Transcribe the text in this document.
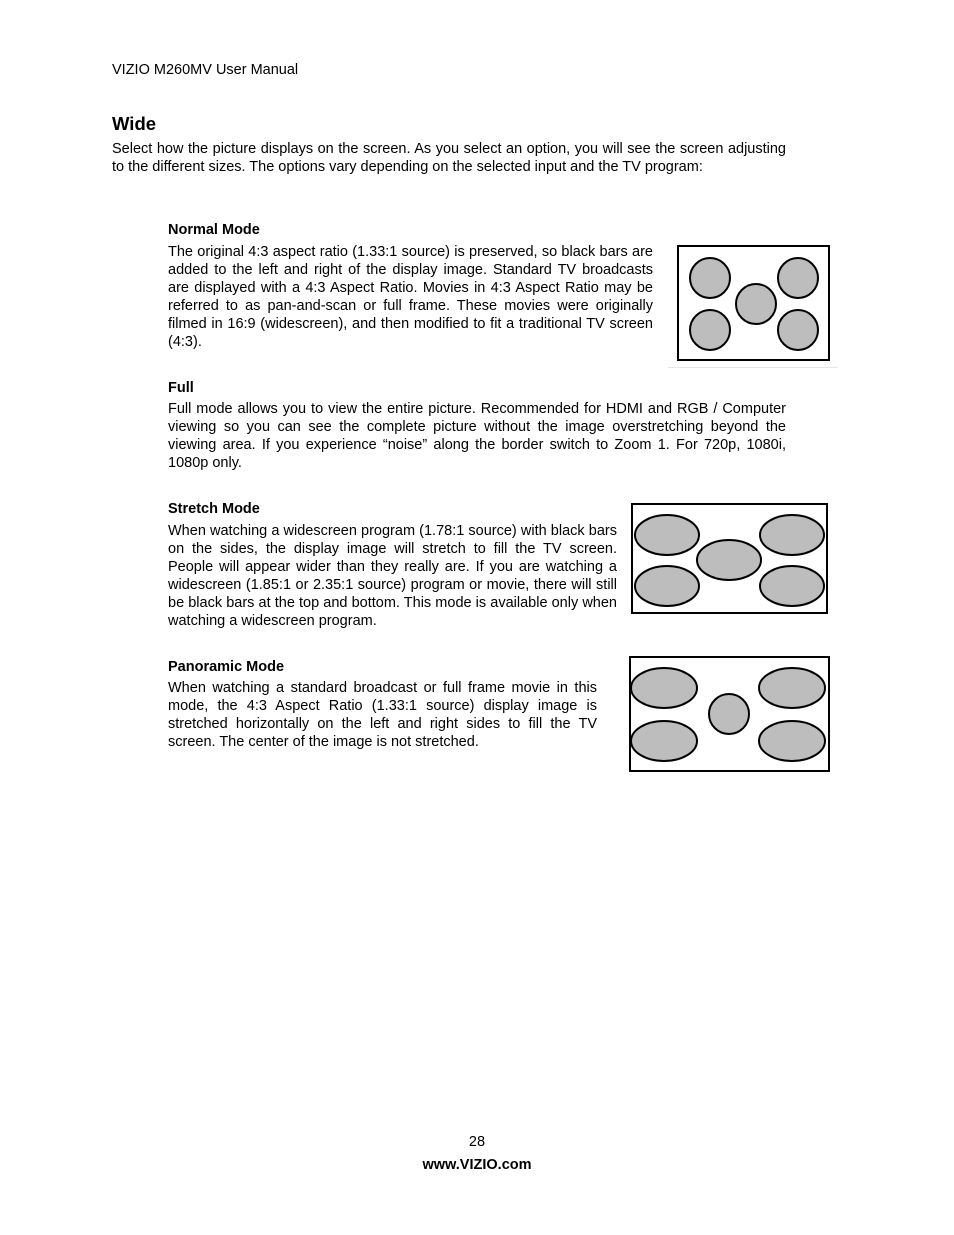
VIZIO M260MV User Manual
Wide
Select how the picture displays on the screen. As you select an option, you will see the screen adjusting to the different sizes. The options vary depending on the selected input and the TV program:
Normal Mode
The original 4:3 aspect ratio (1.33:1 source) is preserved, so black bars are added to the left and right of the display image. Standard TV broadcasts are displayed with a 4:3 Aspect Ratio. Movies in 4:3 Aspect Ratio may be referred to as pan-and-scan or full frame. These movies were originally filmed in 16:9 (widescreen), and then modified to fit a traditional TV screen (4:3).
Full
Full mode allows you to view the entire picture. Recommended for HDMI and RGB / Computer viewing so you can see the complete picture without the image overstretching beyond the viewing area. If you experience “noise” along the border switch to Zoom 1. For 720p, 1080i, 1080p only.
Stretch Mode
When watching a widescreen program (1.78:1 source) with black bars on the sides, the display image will stretch to fill the TV screen. People will appear wider than they really are. If you are watching a widescreen (1.85:1 or 2.35:1 source) program or movie, there will still be black bars at the top and bottom. This mode is available only when watching a widescreen program.
Panoramic Mode
When watching a standard broadcast or full frame movie in this mode, the 4:3 Aspect Ratio (1.33:1 source) display image is stretched horizontally on the left and right sides to fill the TV screen. The center of the image is not stretched.
28
www.VIZIO.com
